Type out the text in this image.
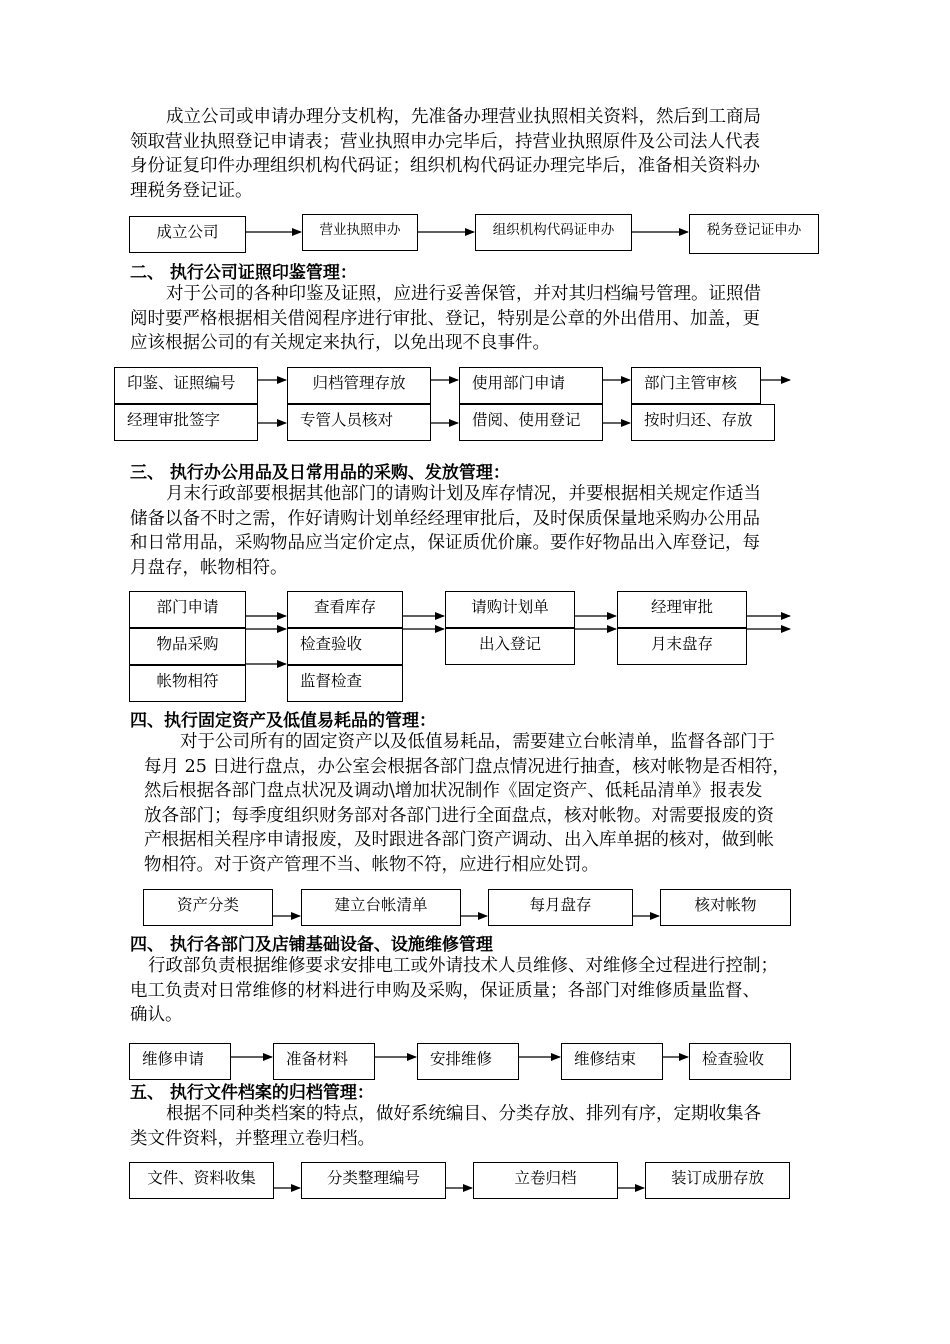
成立公司或申请办理分支机构，先准备办理营业执照相关资料，然后到工商局
领取营业执照登记申请表；营业执照申办完毕后，持营业执照原件及公司法人代表
身份证复印件办理组织机构代码证；组织机构代码证办理完毕后，准备相关资料办
理税务登记证。
成立公司	营业执照申办	组织机构代码证申办	税务登记证申办
二、 执行公司证照印鉴管理：
对于公司的各种印鉴及证照，应进行妥善保管，并对其归档编号管理。证照借
阅时要严格根据相关借阅程序进行审批、登记，特别是公章的外出借用、加盖，更
应该根据公司的有关规定来执行，以免出现不良事件。
印鉴、证照编号	归档管理存放	使用部门申请	部门主管审核
经理审批签字	专管人员核对	借阅、使用登记	按时归还、存放
三、 执行办公用品及日常用品的采购、发放管理：
月末行政部要根据其他部门的请购计划及库存情况，并要根据相关规定作适当
储备以备不时之需，作好请购计划单经经理审批后，及时保质保量地采购办公用品
和日常用品，采购物品应当定价定点，保证质优价廉。要作好物品出入库登记，每
月盘存，帐物相符。
部门申请
物品采购
帐物相符
查看库存
检查验收
监督检查
请购计划单
出入登记
经理审批
月末盘存
四、执行固定资产及低值易耗品的管理：
对于公司所有的固定资产以及低值易耗品，需要建立台帐清单，监督各部门于
每月 25 日进行盘点，办公室会根据各部门盘点情况进行抽查，核对帐物是否相符，
然后根据各部门盘点状况及调动\增加状况制作《固定资产、低耗品清单》报表发
放各部门；每季度组织财务部对各部门进行全面盘点，核对帐物。对需要报废的资
产根据相关程序申请报废，及时跟进各部门资产调动、出入库单据的核对，做到帐
物相符。对于资产管理不当、帐物不符，应进行相应处罚。
资产分类	建立台帐清单	每月盘存	核对帐物
四、 执行各部门及店铺基础设备、设施维修管理
行政部负责根据维修要求安排电工或外请技术人员维修、对维修全过程进行控制；
电工负责对日常维修的材料进行申购及采购，保证质量；各部门对维修质量监督、
确认。
维修申请	准备材料	安排维修	维修结束	检查验收
五、 执行文件档案的归档管理：
根据不同种类档案的特点，做好系统编目、分类存放、排列有序，定期收集各
类文件资料，并整理立卷归档。
文件、资料收集	分类整理编号	立卷归档	装订成册存放
